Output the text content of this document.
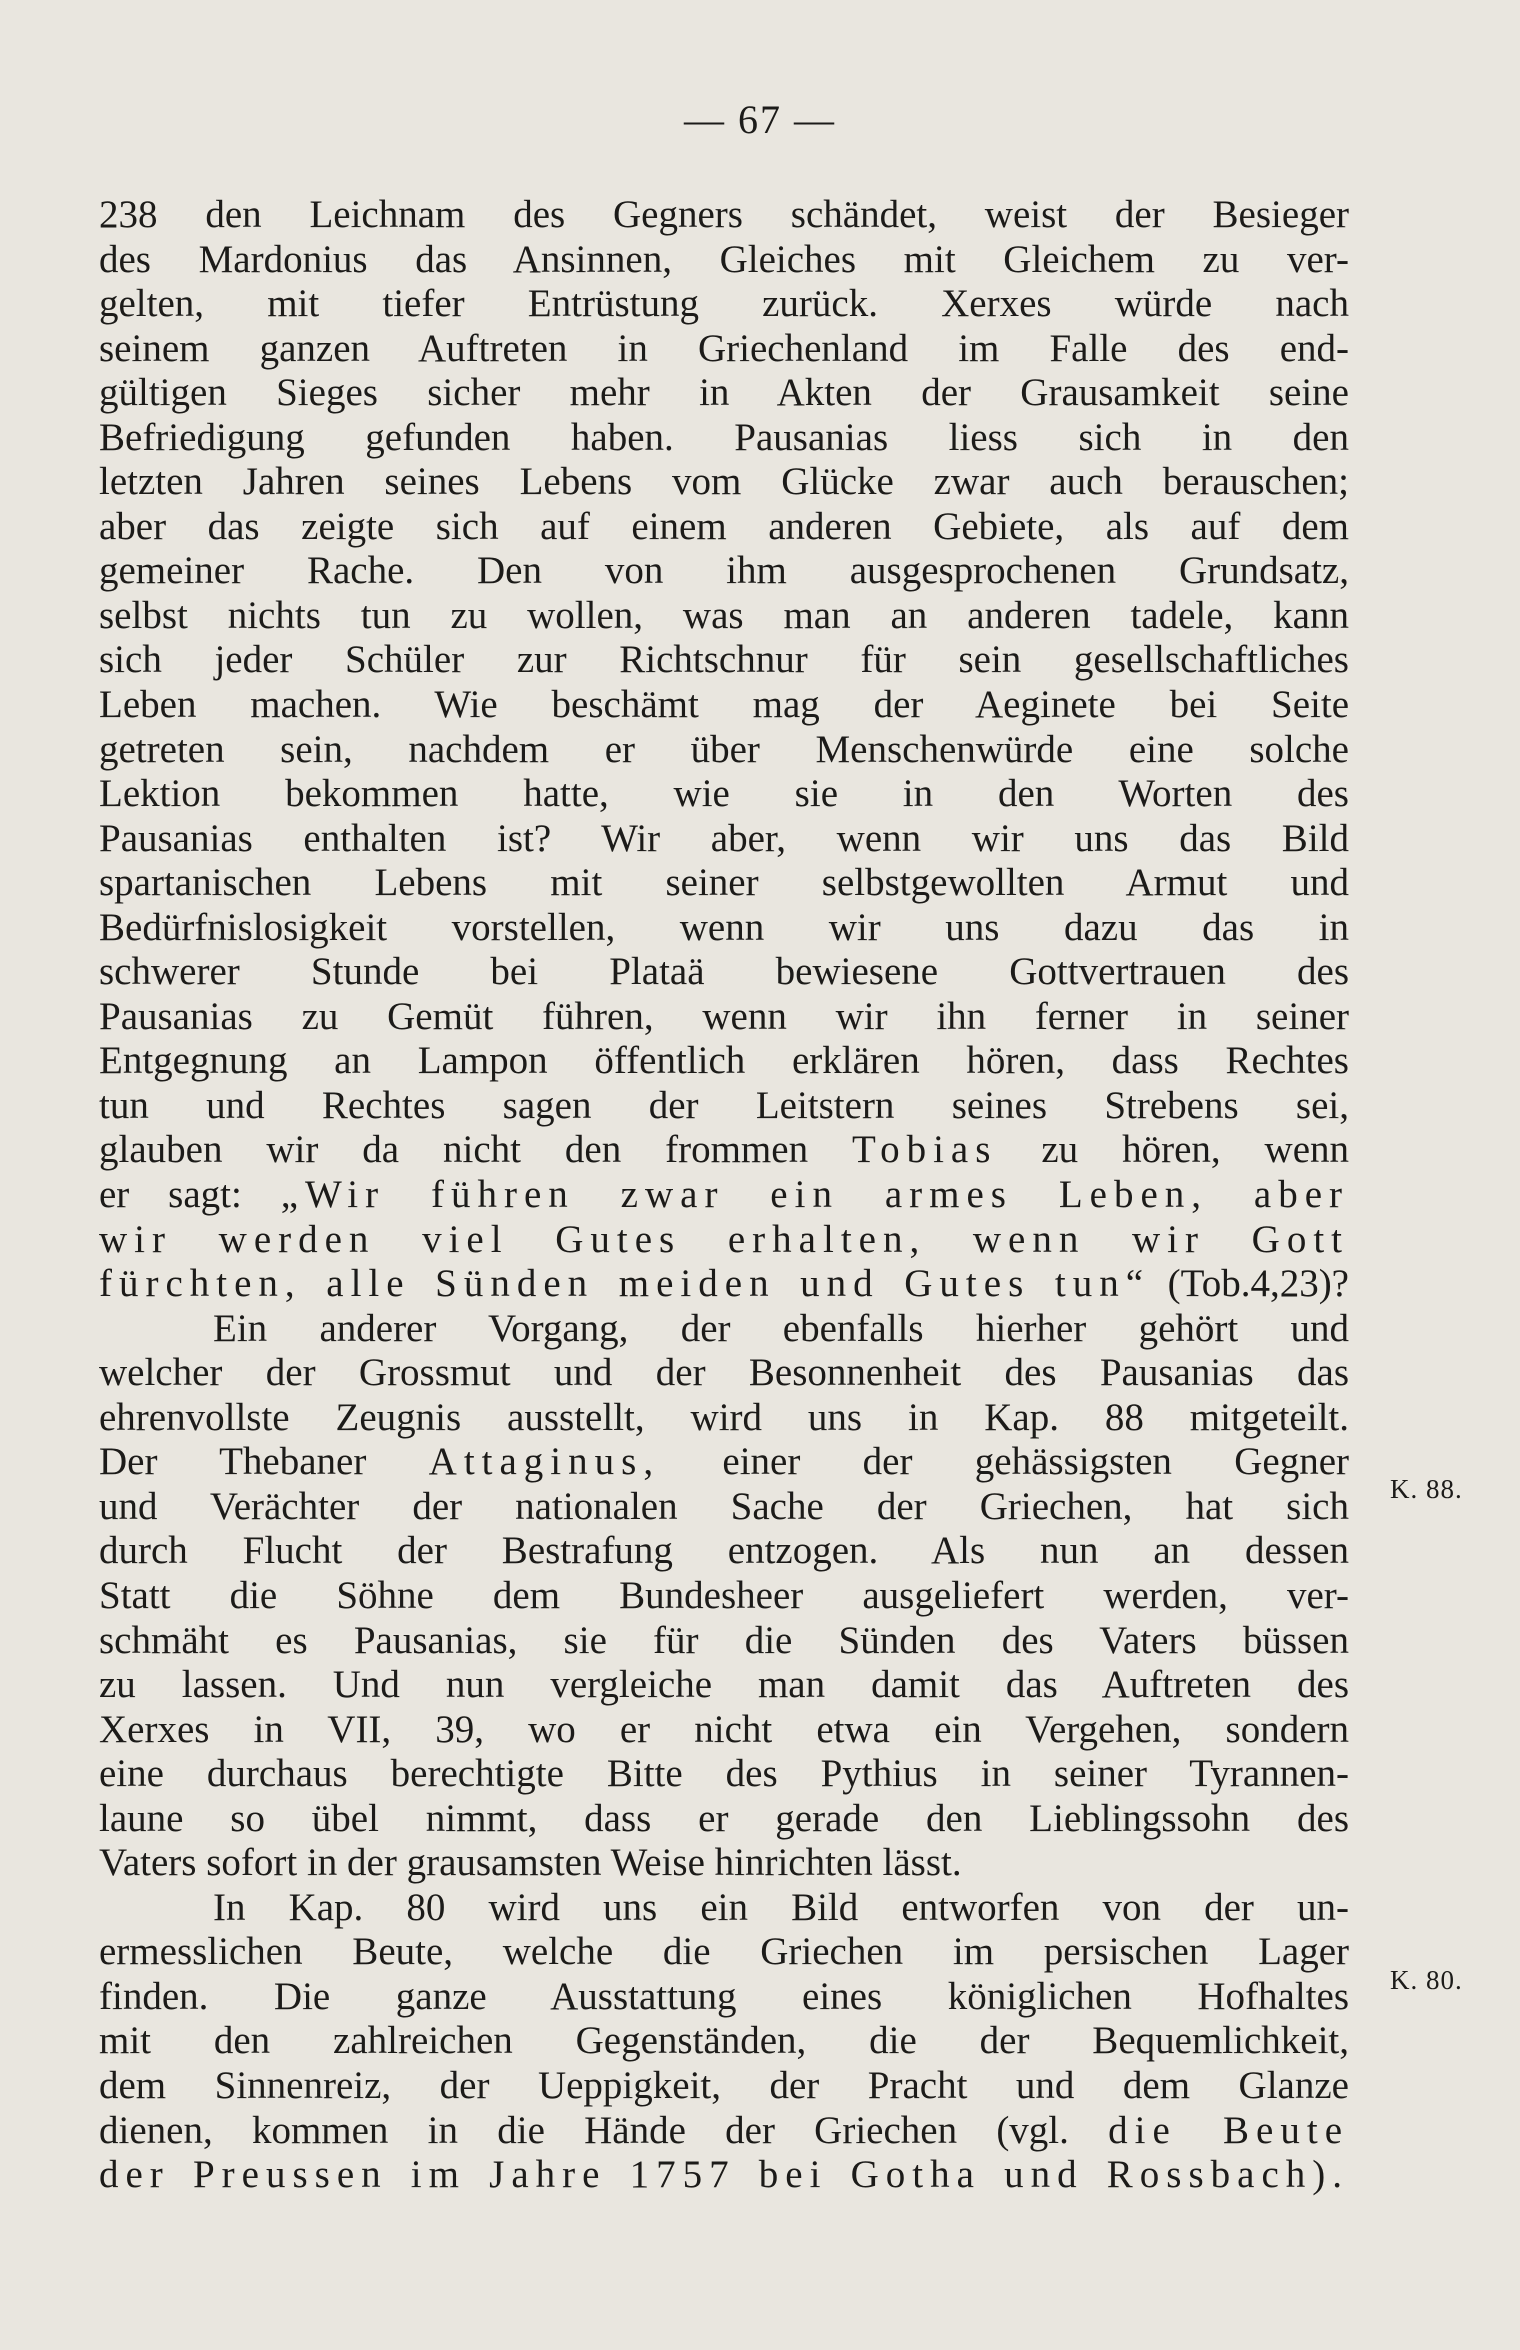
— 67 —
K. 88.
K. 80.
238 den Leichnam des Gegners schändet, weist der Besieger
des Mardonius das Ansinnen, Gleiches mit Gleichem zu ver-
gelten, mit tiefer Entrüstung zurück. Xerxes würde nach
seinem ganzen Auftreten in Griechenland im Falle des end-
gültigen Sieges sicher mehr in Akten der Grausamkeit seine
Befriedigung gefunden haben. Pausanias liess sich in den
letzten Jahren seines Lebens vom Glücke zwar auch berauschen;
aber das zeigte sich auf einem anderen Gebiete, als auf dem
gemeiner Rache. Den von ihm ausgesprochenen Grundsatz,
selbst nichts tun zu wollen, was man an anderen tadele, kann
sich jeder Schüler zur Richtschnur für sein gesellschaftliches
Leben machen. Wie beschämt mag der Aeginete bei Seite
getreten sein, nachdem er über Menschenwürde eine solche
Lektion bekommen hatte, wie sie in den Worten des
Pausanias enthalten ist? Wir aber, wenn wir uns das Bild
spartanischen Lebens mit seiner selbstgewollten Armut und
Bedürfnislosigkeit vorstellen, wenn wir uns dazu das in
schwerer Stunde bei Plataä bewiesene Gottvertrauen des
Pausanias zu Gemüt führen, wenn wir ihn ferner in seiner
Entgegnung an Lampon öffentlich erklären hören, dass Rechtes
tun und Rechtes sagen der Leitstern seines Strebens sei,
glauben wir da nicht den frommen Tobias zu hören, wenn
er sagt: „Wir führen zwar ein armes Leben, aber
wir werden viel Gutes erhalten, wenn wir Gott
fürchten, alle Sünden meiden und Gutes tun“ (Tob.4,23)?
Ein anderer Vorgang, der ebenfalls hierher gehört und
welcher der Grossmut und der Besonnenheit des Pausanias das
ehrenvollste Zeugnis ausstellt, wird uns in Kap. 88 mitgeteilt.
Der Thebaner Attaginus, einer der gehässigsten Gegner
und Verächter der nationalen Sache der Griechen, hat sich
durch Flucht der Bestrafung entzogen. Als nun an dessen
Statt die Söhne dem Bundesheer ausgeliefert werden, ver-
schmäht es Pausanias, sie für die Sünden des Vaters büssen
zu lassen. Und nun vergleiche man damit das Auftreten des
Xerxes in VII, 39, wo er nicht etwa ein Vergehen, sondern
eine durchaus berechtigte Bitte des Pythius in seiner Tyrannen-
laune so übel nimmt, dass er gerade den Lieblingssohn des
Vaters sofort in der grausamsten Weise hinrichten lässt.
In Kap. 80 wird uns ein Bild entworfen von der un-
ermesslichen Beute, welche die Griechen im persischen Lager
finden. Die ganze Ausstattung eines königlichen Hofhaltes
mit den zahlreichen Gegenständen, die der Bequemlichkeit,
dem Sinnenreiz, der Ueppigkeit, der Pracht und dem Glanze
dienen, kommen in die Hände der Griechen (vgl. die Beute
der Preussen im Jahre 1757 bei Gotha und Rossbach).
